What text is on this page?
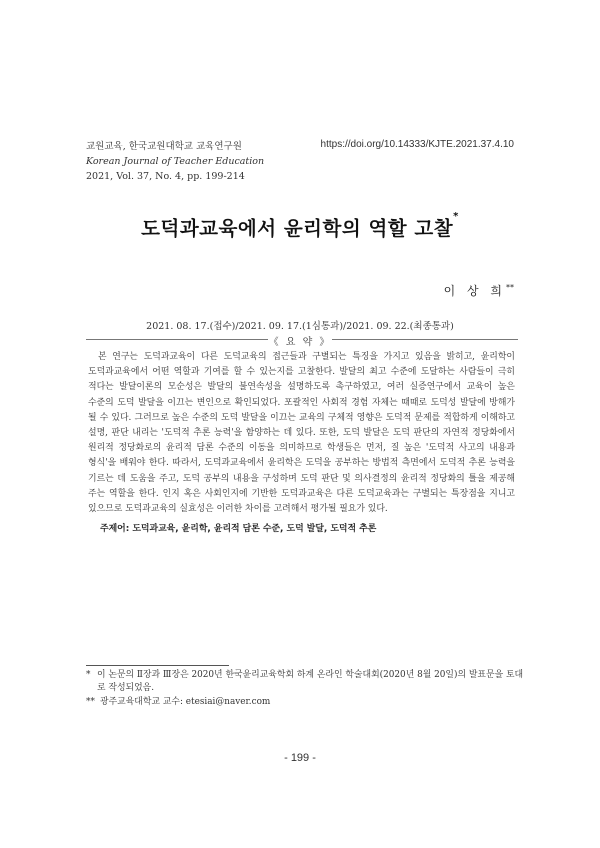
교원교육, 한국교원대학교 교육연구원
Korean Journal of Teacher Education
2021, Vol. 37, No. 4, pp. 199-214
https://doi.org/10.14333/KJTE.2021.37.4.10
도덕과교육에서 윤리학의 역할 고찰*
이 상 희**
2021. 08. 17.(접수)/2021. 09. 17.(1심통과)/2021. 09. 22.(최종통과)
《 요 약 》
본 연구는 도덕과교육이 다른 도덕교육의 접근들과 구별되는 특징을 가지고 있음을 밝히고, 윤리학이 도덕과교육에서 어떤 역할과 기여를 할 수 있는지를 고찰한다. 발달의 최고 수준에 도달하는 사람들이 극히 적다는 발달이론의 모순성은 발달의 불연속성을 설명하도록 촉구하였고, 여러 실증연구에서 교육이 높은 수준의 도덕 발달을 이끄는 변인으로 확인되었다. 포괄적인 사회적 경험 자체는 때때로 도덕성 발달에 방해가 될 수 있다. 그러므로 높은 수준의 도덕 발달을 이끄는 교육의 구체적 영향은 도덕적 문제를 적합하게 이해하고 설명, 판단 내리는 '도덕적 추론 능력'을 함양하는 데 있다. 또한, 도덕 발달은 도덕 판단의 자연적 정당화에서 원리적 정당화로의 윤리적 담론 수준의 이동을 의미하므로 학생들은 먼저, 질 높은 '도덕적 사고의 내용과 형식'을 배워야 한다. 따라서, 도덕과교육에서 윤리학은 도덕을 공부하는 방법적 측면에서 도덕적 추론 능력을 기르는 데 도움을 주고, 도덕 공부의 내용을 구성하며 도덕 판단 및 의사결정의 윤리적 정당화의 틀을 제공해 주는 역할을 한다. 인지 혹은 사회인지에 기반한 도덕과교육은 다른 도덕교육과는 구별되는 특장점을 지니고 있으므로 도덕과교육의 실효성은 이러한 차이를 고려해서 평가될 필요가 있다.
주제어: 도덕과교육, 윤리학, 윤리적 담론 수준, 도덕 발달, 도덕적 추론
* 이 논문의 Ⅱ장과 Ⅲ장은 2020년 한국윤리교육학회 하계 온라인 학술대회(2020년 8월 20일)의 발표문을 토대로 작성되었음.
** 광주교육대학교 교수: etesiai@naver.com
- 199 -
